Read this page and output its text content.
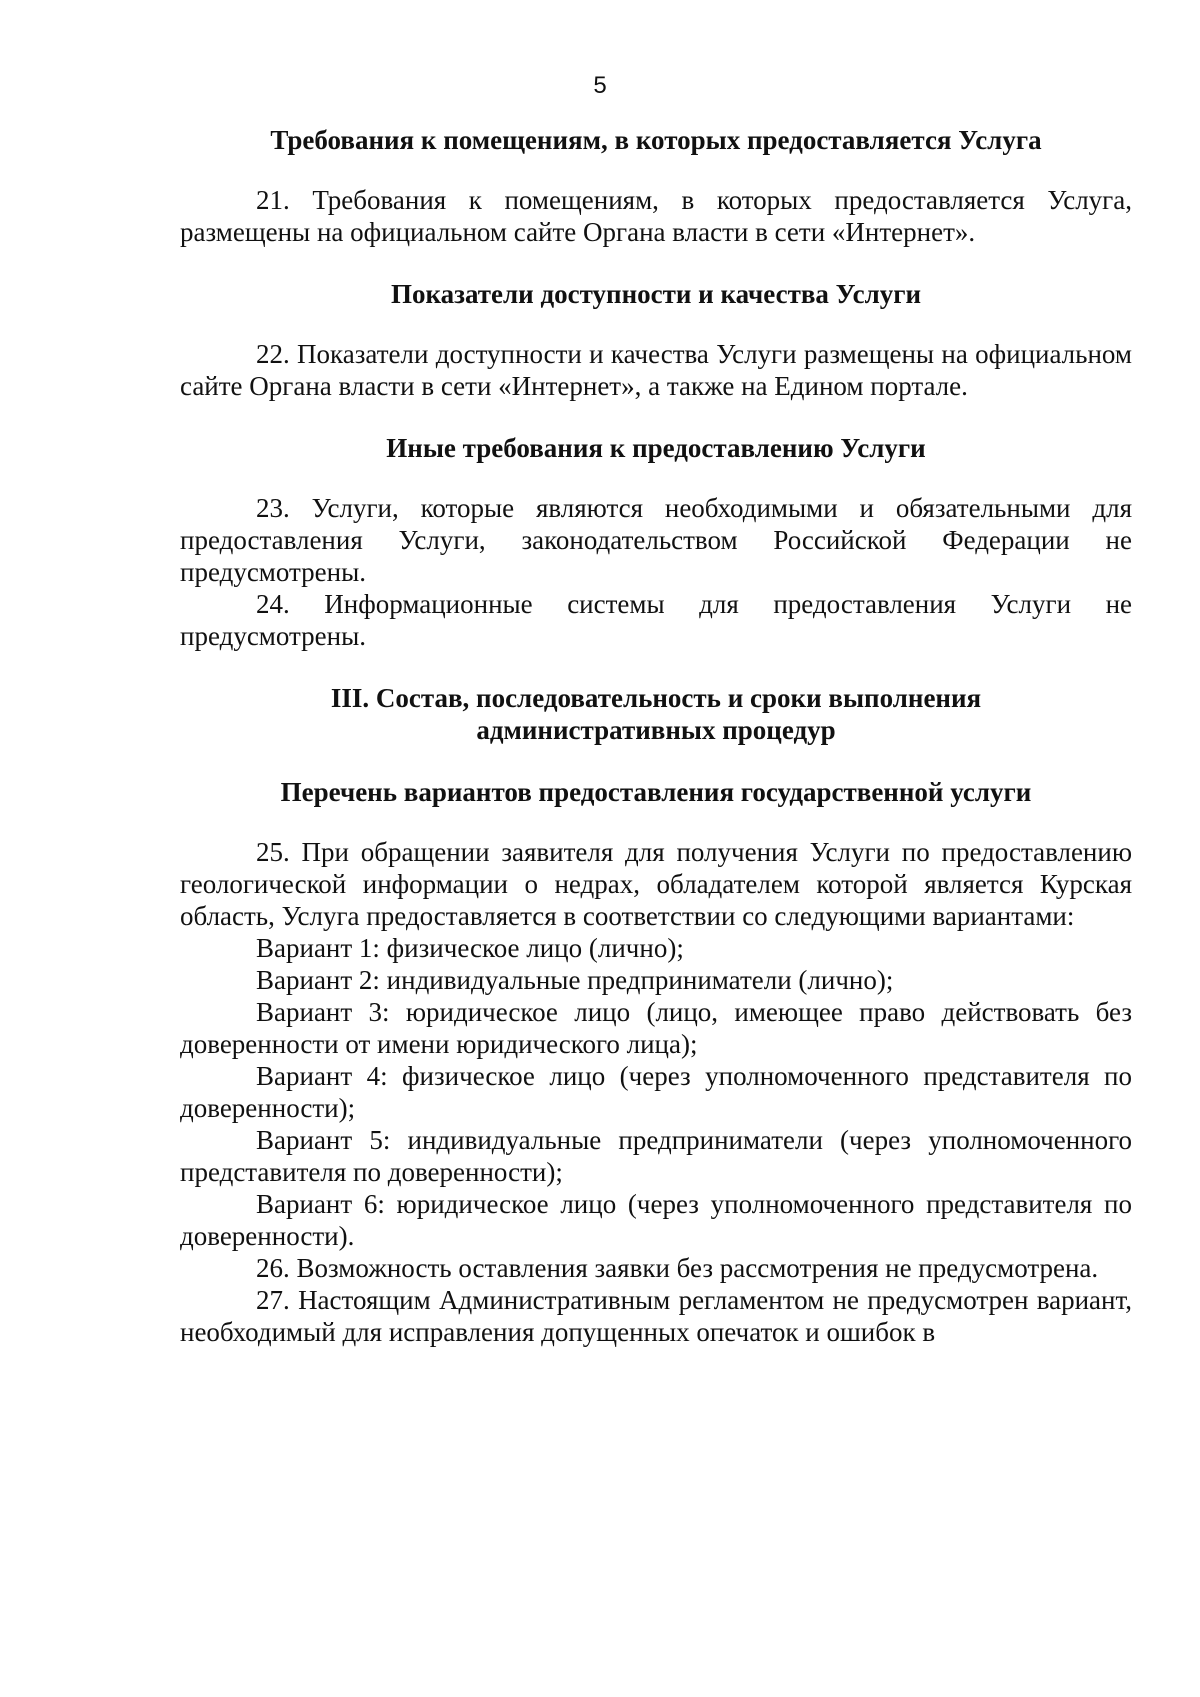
5

Требования к помещениям, в которых предоставляется Услуга

21. Требования к помещениям, в которых предоставляется Услуга, размещены на официальном сайте Органа власти в сети «Интернет».

Показатели доступности и качества Услуги

22. Показатели доступности и качества Услуги размещены на официальном сайте Органа власти в сети «Интернет», а также на Едином портале.

Иные требования к предоставлению Услуги

23. Услуги, которые являются необходимыми и обязательными для предоставления Услуги, законодательством Российской Федерации не предусмотрены.

24. Информационные системы для предоставления Услуги не предусмотрены.

III. Состав, последовательность и сроки выполнения

административных процедур

Перечень вариантов предоставления государственной услуги

25. При обращении заявителя для получения Услуги по предоставлению геологической информации о недрах, обладателем которой является Курская область, Услуга предоставляется в соответствии со следующими вариантами:

Вариант 1: физическое лицо (лично);

Вариант 2: индивидуальные предприниматели (лично);

Вариант 3: юридическое лицо (лицо, имеющее право действовать без доверенности от имени юридического лица);

Вариант 4: физическое лицо (через уполномоченного представителя по доверенности);

Вариант 5: индивидуальные предприниматели (через уполномоченного представителя по доверенности);

Вариант 6: юридическое лицо (через уполномоченного представителя по доверенности).

26. Возможность оставления заявки без рассмотрения не предусмотрена.

27. Настоящим Административным регламентом не предусмотрен вариант, необходимый для исправления допущенных опечаток и ошибок в
